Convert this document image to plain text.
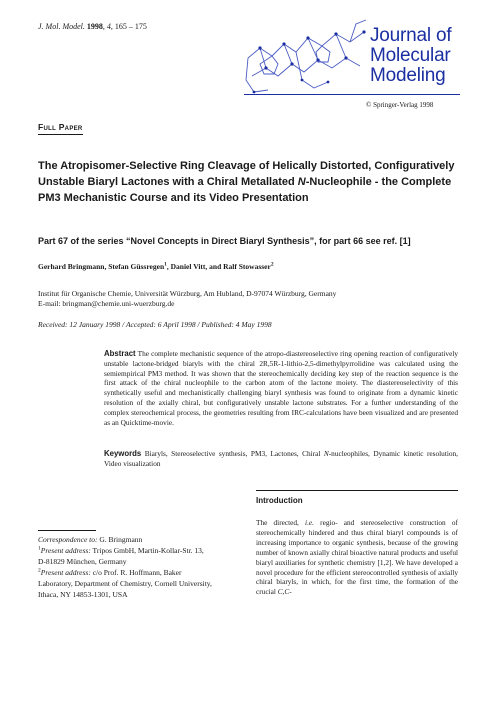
J. Mol. Model. 1998, 4, 165 – 175	Journal of
Molecular
Modeling
© Springer-Verlag 1998
Full Paper
The Atropisomer-Selective Ring Cleavage of Helically Distorted, Configuratively Unstable Biaryl Lactones with a Chiral Metallated N-Nucleophile - the Complete PM3 Mechanistic Course and its Video Presentation
Part 67 of the series “Novel Concepts in Direct Biaryl Synthesis”, for part 66 see ref. [1]
Gerhard Bringmann, Stefan Güssregen$^1$, Daniel Vitt, and Ralf Stowasser$^2$
Institut für Organische Chemie, Universität Würzburg, Am Hubland, D-97074 Würzburg, Germany
E-mail: bringman@chemie.uni-wuerzburg.de
Received: 12 January 1998 / Accepted: 6 April 1998 / Published: 4 May 1998
Abstract The complete mechanistic sequence of the atropo-diastereoselective ring opening reaction of configuratively unstable lactone-bridged biaryls with the chiral 2R,5R-1-lithio-2,5-dimethylpyrrolidine was calculated using the semiempirical PM3 method. It was shown that the stereochemically deciding key step of the reaction sequence is the first attack of the chiral nucleophile to the carbon atom of the lactone moiety. The diastereoselectivity of this synthetically useful and mechanistically challenging biaryl synthesis was found to originate from a dynamic kinetic resolution of the axially chiral, but configuratively unstable lactone substrates. For a further understanding of the complex stereochemical process, the geometries resulting from IRC-calculations have been visualized and are presented as an Quicktime-movie.
Keywords Biaryls, Stereoselective synthesis, PM3, Lactones, Chiral N-nucleophiles, Dynamic kinetic resolution, Video visualization
Introduction
The directed, i.e. regio- and stereoselective construction of stereochemically hindered and thus chiral biaryl compounds is of increasing importance to organic synthesis, because of the growing number of known axially chiral bioactive natural products and useful biaryl auxiliaries for synthetic chemistry [1,2]. We have developed a novel procedure for the efficient stereocontrolled synthesis of axially chiral biaryls, in which, for the first time, the formation of the crucial C,C-
Correspondence to: G. Bringmann
$^1$Present address: Tripos GmbH, Martin-Kollar-Str. 13,
D-81829 München, Germany
$^2$Present address: c/o Prof. R. Hoffmann, Baker
Laboratory, Department of Chemistry, Cornell University,
Ithaca, NY 14853-1301, USA
